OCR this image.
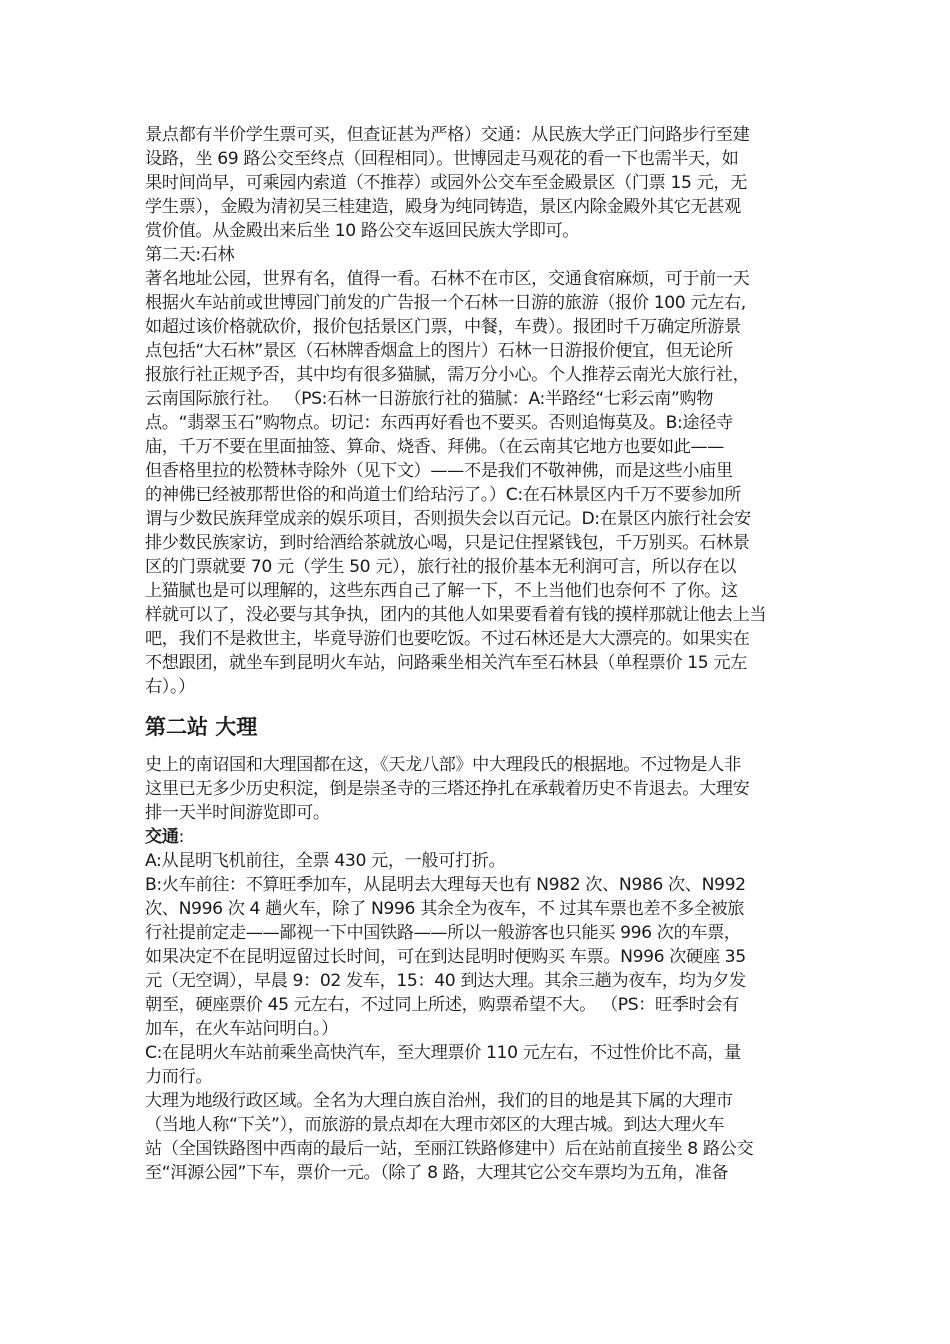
景点都有半价学生票可买，但查证甚为严格）交通：从民族大学正门问路步行至建
设路，坐 69 路公交至终点（回程相同）。世博园走马观花的看一下也需半天，如
果时间尚早，可乘园内索道（不推荐）或园外公交车至金殿景区（门票 15 元，无
学生票），金殿为清初吴三桂建造，殿身为纯同铸造，景区内除金殿外其它无甚观
赏价值。从金殿出来后坐 10 路公交车返回民族大学即可。
第二天:石林
著名地址公园，世界有名，值得一看。石林不在市区，交通食宿麻烦，可于前一天
根据火车站前或世博园门前发的广告报一个石林一日游的旅游（报价 100 元左右,
如超过该价格就砍价，报价包括景区门票，中餐，车费）。报团时千万确定所游景
点包括“大石林”景区（石林牌香烟盒上的图片）石林一日游报价便宜，但无论所
报旅行社正规予否，其中均有很多猫腻，需万分小心。个人推荐云南光大旅行社，
云南国际旅行社。 （PS:石林一日游旅行社的猫腻：A:半路经“七彩云南”购物
点。“翡翠玉石”购物点。切记：东西再好看也不要买。否则追悔莫及。B:途径寺
庙，千万不要在里面抽签、算命、烧香、拜佛。（在云南其它地方也要如此——
但香格里拉的松赞林寺除外（见下文）——不是我们不敬神佛，而是这些小庙里
的神佛已经被那帮世俗的和尚道士们给玷污了。）C:在石林景区内千万不要参加所
谓与少数民族拜堂成亲的娱乐项目，否则损失会以百元记。D:在景区内旅行社会安
排少数民族家访，到时给酒给茶就放心喝，只是记住捏紧钱包，千万别买。石林景
区的门票就要 70 元（学生 50 元），旅行社的报价基本无利润可言，所以存在以
上猫腻也是可以理解的，这些东西自己了解一下，不上当他们也奈何不 了你。这
样就可以了，没必要与其争执，团内的其他人如果要看着有钱的摸样那就让他去上当
吧，我们不是救世主，毕竟导游们也要吃饭。不过石林还是大大漂亮的。如果实在
不想跟团，就坐车到昆明火车站，问路乘坐相关汽车至石林县（单程票价 15 元左
右）。）
第二站 大理
史上的南诏国和大理国都在这，《天龙八部》中大理段氏的根据地。不过物是人非
这里已无多少历史积淀，倒是崇圣寺的三塔还挣扎在承载着历史不肯退去。大理安
排一天半时间游览即可。
交通:
A:从昆明飞机前往，全票 430 元，一般可打折。
B:火车前往：不算旺季加车，从昆明去大理每天也有 N982 次、N986 次、N992
次、N996 次 4 趟火车，除了 N996 其余全为夜车，不 过其车票也差不多全被旅
行社提前定走——鄙视一下中国铁路——所以一般游客也只能买 996 次的车票，
如果决定不在昆明逗留过长时间，可在到达昆明时便购买 车票。N996 次硬座 35
元（无空调），早晨 9：02 发车，15：40 到达大理。其余三趟为夜车，均为夕发
朝至，硬座票价 45 元左右，不过同上所述，购票希望不大。 （PS：旺季时会有
加车，在火车站问明白。）
C:在昆明火车站前乘坐高快汽车，至大理票价 110 元左右，不过性价比不高，量
力而行。
大理为地级行政区域。全名为大理白族自治州，我们的目的地是其下属的大理市
（当地人称“下关”），而旅游的景点却在大理市郊区的大理古城。到达大理火车
站（全国铁路图中西南的最后一站，至丽江铁路修建中）后在站前直接坐 8 路公交
至“洱源公园”下车，票价一元。（除了 8 路，大理其它公交车票均为五角，准备
